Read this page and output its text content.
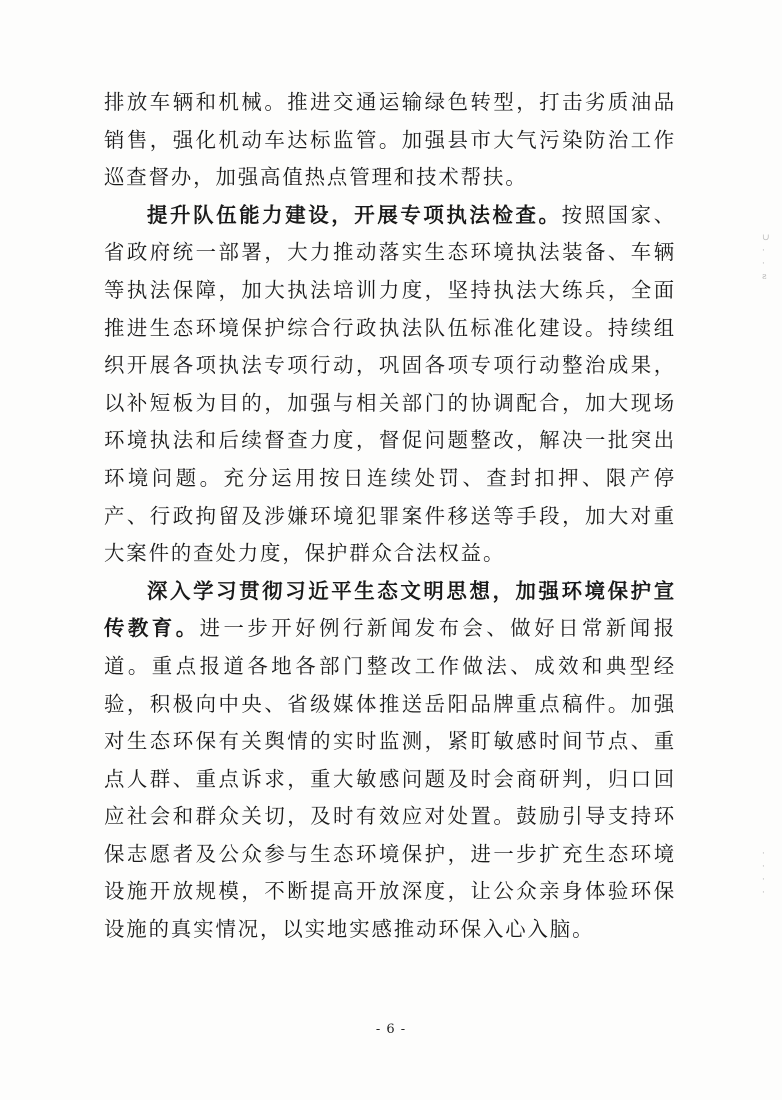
排放车辆和机械。推进交通运输绿色转型，打击劣质油品销售，强化机动车达标监管。加强县市大气污染防治工作巡查督办，加强高值热点管理和技术帮扶。

提升队伍能力建设，开展专项执法检查。按照国家、省政府统一部署，大力推动落实生态环境执法装备、车辆等执法保障，加大执法培训力度，坚持执法大练兵，全面推进生态环境保护综合行政执法队伍标准化建设。持续组织开展各项执法专项行动，巩固各项专项行动整治成果，以补短板为目的，加强与相关部门的协调配合，加大现场环境执法和后续督查力度，督促问题整改，解决一批突出环境问题。充分运用按日连续处罚、查封扣押、限产停产、行政拘留及涉嫌环境犯罪案件移送等手段，加大对重大案件的查处力度，保护群众合法权益。

深入学习贯彻习近平生态文明思想，加强环境保护宣传教育。进一步开好例行新闻发布会、做好日常新闻报道。重点报道各地各部门整改工作做法、成效和典型经验，积极向中央、省级媒体推送岳阳品牌重点稿件。加强对生态环保有关舆情的实时监测，紧盯敏感时间节点、重点人群、重点诉求，重大敏感问题及时会商研判，归口回应社会和群众关切，及时有效应对处置。鼓励引导支持环保志愿者及公众参与生态环境保护，进一步扩充生态环境设施开放规模，不断提高开放深度，让公众亲身体验环保设施的真实情况，以实地实感推动环保入心入脑。

- 6 -
∪
·
·
ƨ
·
·
·
·
